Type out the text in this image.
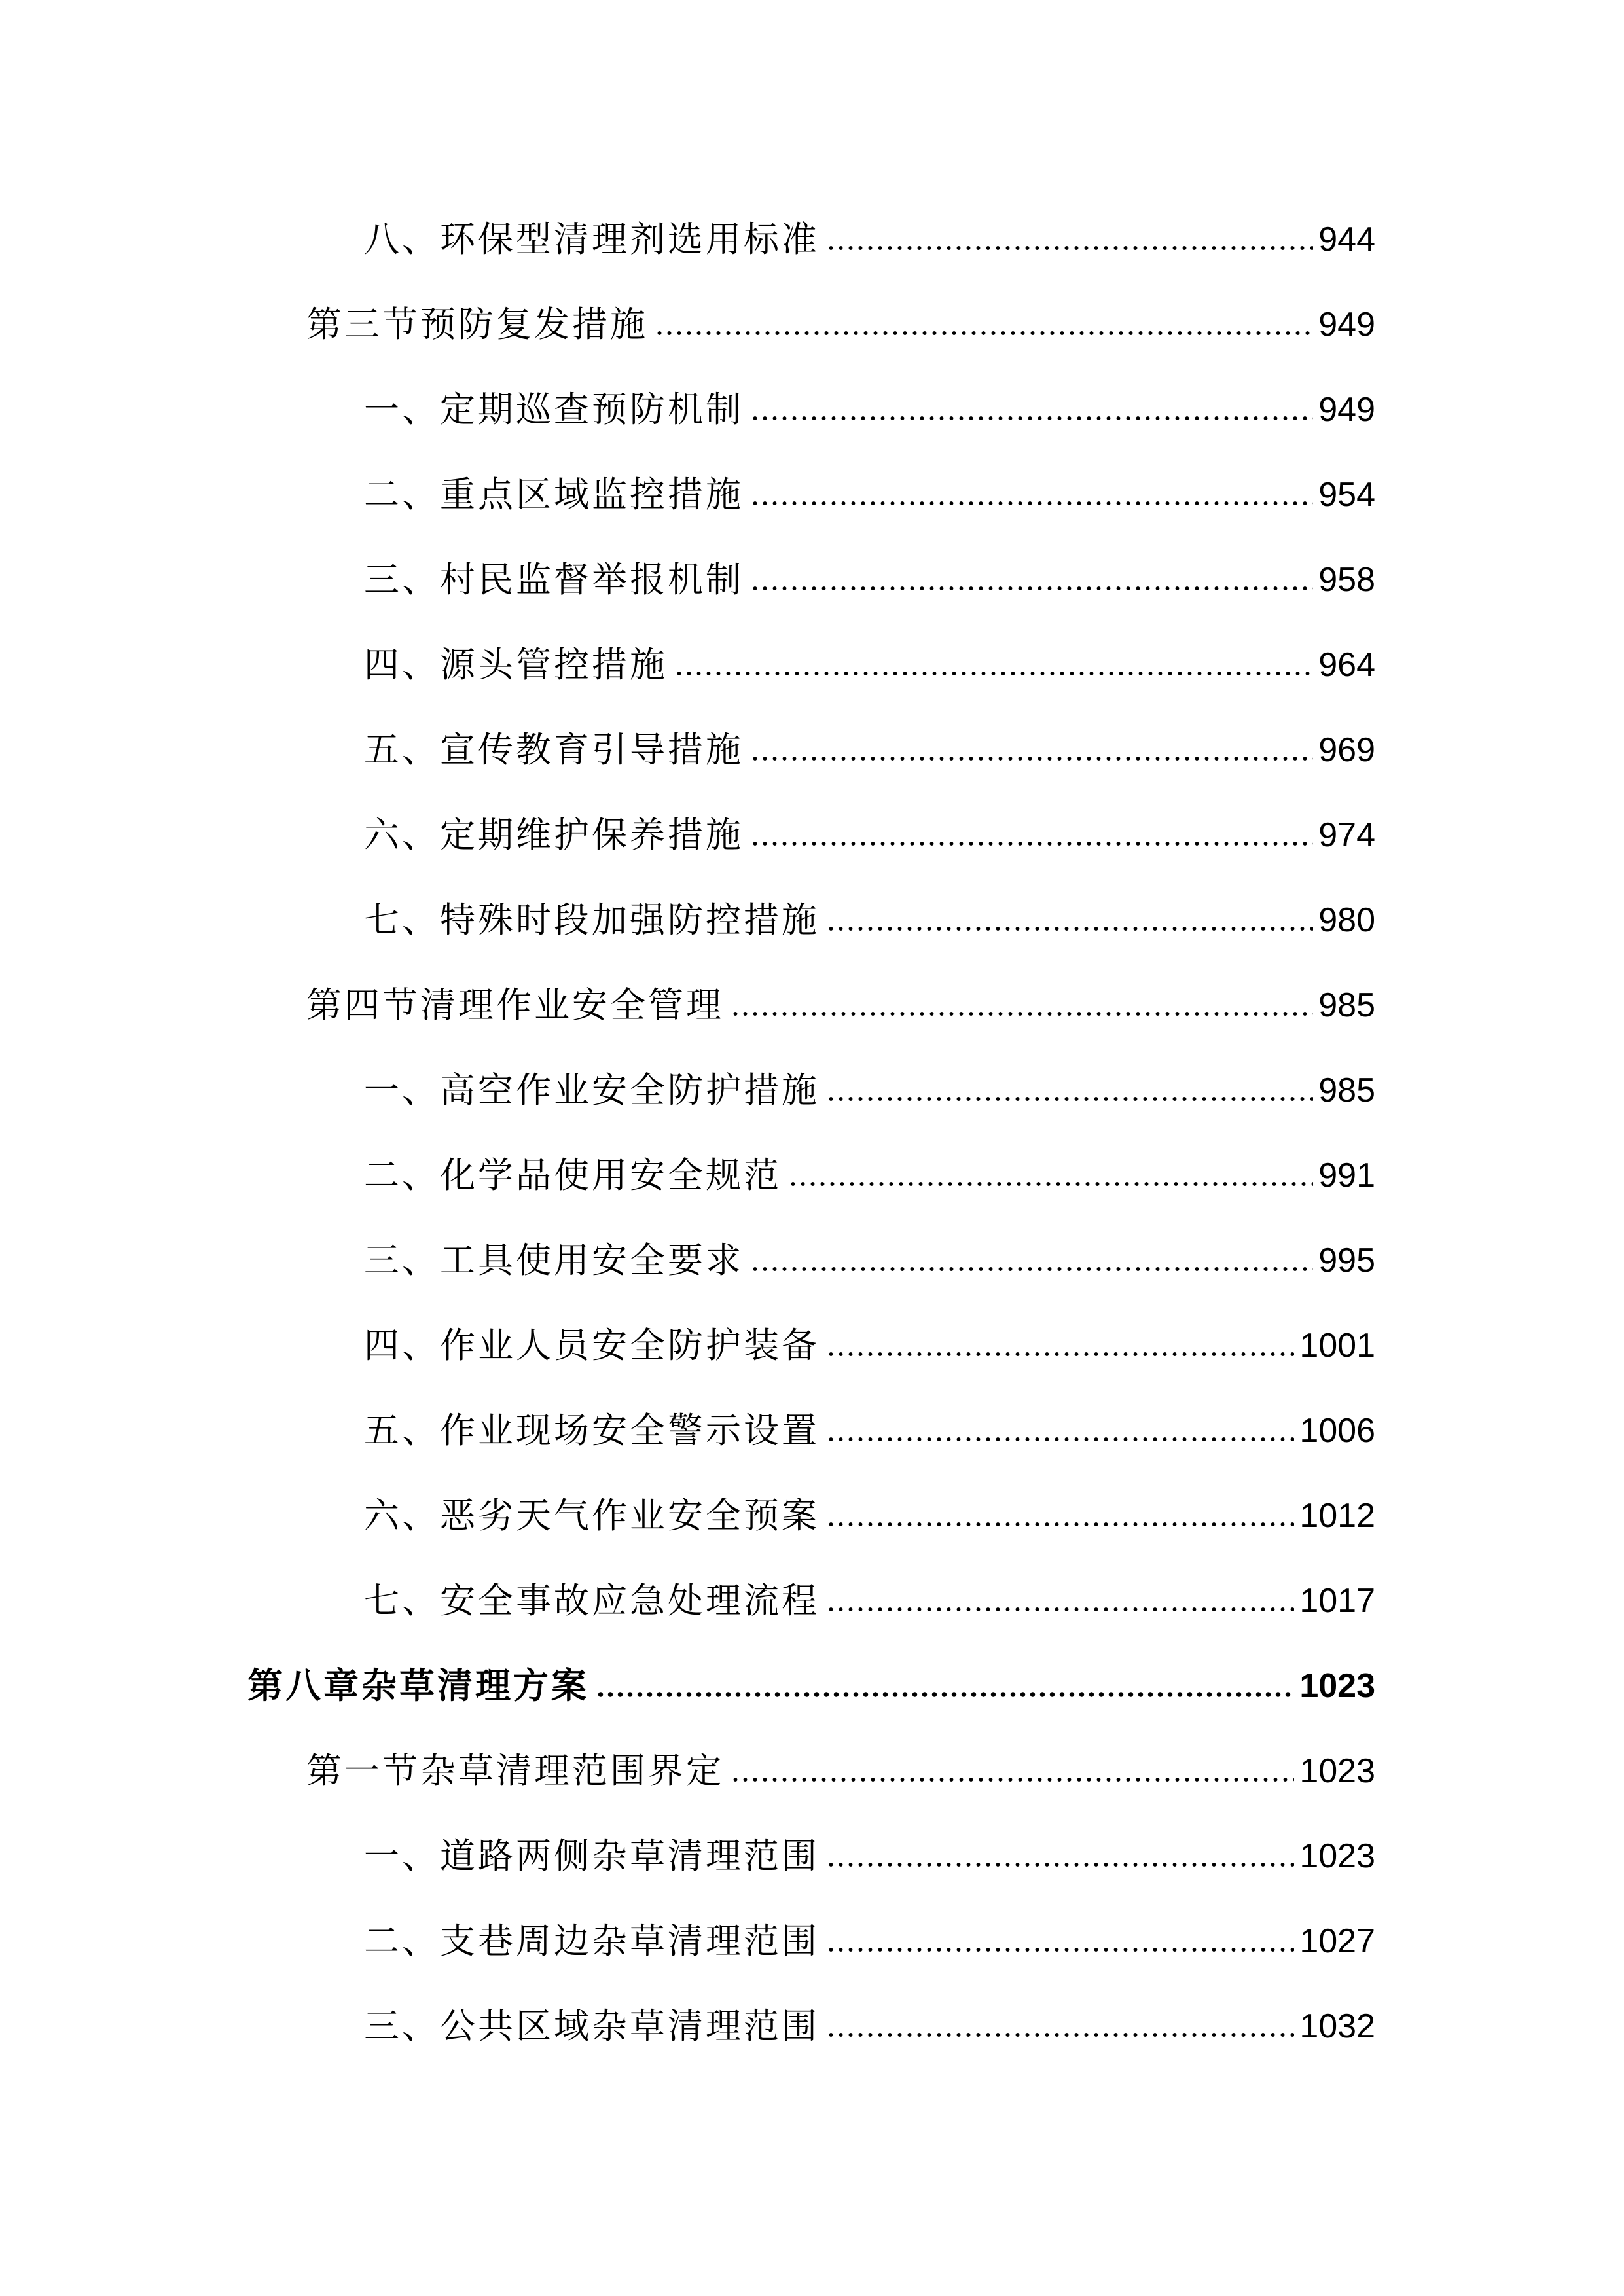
八、环保型清理剂选用标准	944
第三节预防复发措施	949
一、定期巡查预防机制	949
二、重点区域监控措施	954
三、村民监督举报机制	958
四、源头管控措施	964
五、宣传教育引导措施	969
六、定期维护保养措施	974
七、特殊时段加强防控措施	980
第四节清理作业安全管理	985
一、高空作业安全防护措施	985
二、化学品使用安全规范	991
三、工具使用安全要求	995
四、作业人员安全防护装备	1001
五、作业现场安全警示设置	1006
六、恶劣天气作业安全预案	1012
七、安全事故应急处理流程	1017
第八章杂草清理方案	1023
第一节杂草清理范围界定	1023
一、道路两侧杂草清理范围	1023
二、支巷周边杂草清理范围	1027
三、公共区域杂草清理范围	1032
